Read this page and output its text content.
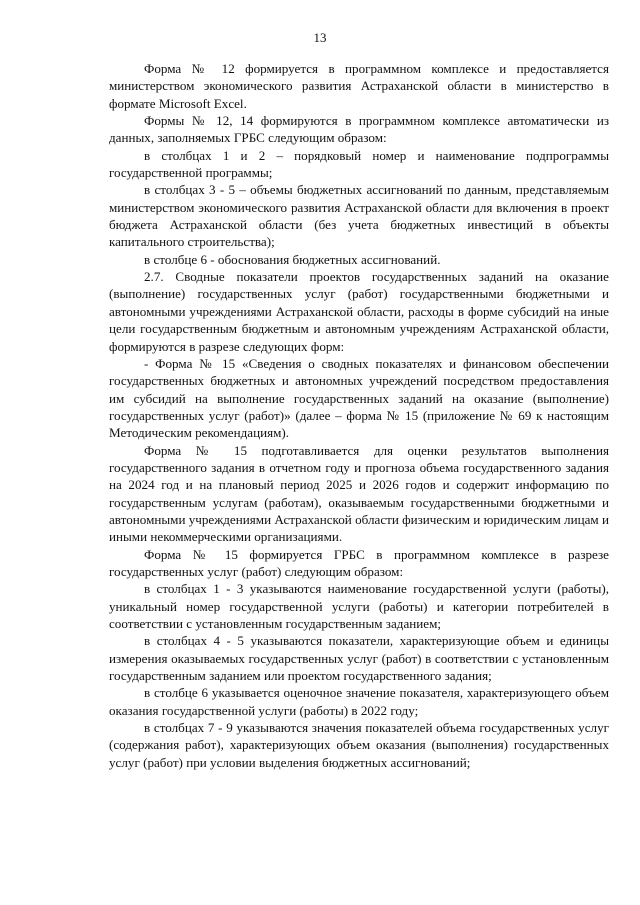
13

Форма № 12 формируется в программном комплексе и предоставляется министерством экономического развития Астраханской области в министерство в формате Microsoft Excel.

Формы № 12, 14 формируются в программном комплексе автоматически из данных, заполняемых ГРБС следующим образом:

в столбцах 1 и 2 – порядковый номер и наименование подпрограммы государственной программы;

в столбцах 3 - 5 – объемы бюджетных ассигнований по данным, представляемым министерством экономического развития Астраханской области для включения в проект бюджета Астраханской области (без учета бюджетных инвестиций в объекты капитального строительства);

в столбце 6 - обоснования бюджетных ассигнований.

2.7. Сводные показатели проектов государственных заданий на оказание (выполнение) государственных услуг (работ) государственными бюджетными и автономными учреждениями Астраханской области, расходы в форме субсидий на иные цели государственным бюджетным и автономным учреждениям Астраханской области, формируются в разрезе следующих форм:

- Форма № 15 «Сведения о сводных показателях и финансовом обеспечении государственных бюджетных и автономных учреждений посредством предоставления им субсидий на выполнение государственных заданий на оказание (выполнение) государственных услуг (работ)» (далее – форма № 15 (приложение № 69 к настоящим Методическим рекомендациям).

Форма № 15 подготавливается для оценки результатов выполнения государственного задания в отчетном году и прогноза объема государственного задания на 2024 год и на плановый период 2025 и 2026 годов и содержит информацию по государственным услугам (работам), оказываемым государственными бюджетными и автономными учреждениями Астраханской области физическим и юридическим лицам и иными некоммерческими организациями.

Форма № 15 формируется ГРБС в программном комплексе в разрезе государственных услуг (работ) следующим образом:

в столбцах 1 - 3 указываются наименование государственной услуги (работы), уникальный номер государственной услуги (работы) и категории потребителей в соответствии с установленным государственным заданием;

в столбцах 4 - 5 указываются показатели, характеризующие объем и единицы измерения оказываемых государственных услуг (работ) в соответствии с установленным государственным заданием или проектом государственного задания;

в столбце 6 указывается оценочное значение показателя, характеризующего объем оказания государственной услуги (работы) в 2022 году;

в столбцах 7 - 9 указываются значения показателей объема государственных услуг (содержания работ), характеризующих объем оказания (выполнения) государственных услуг (работ) при условии выделения бюджетных ассигнований;
